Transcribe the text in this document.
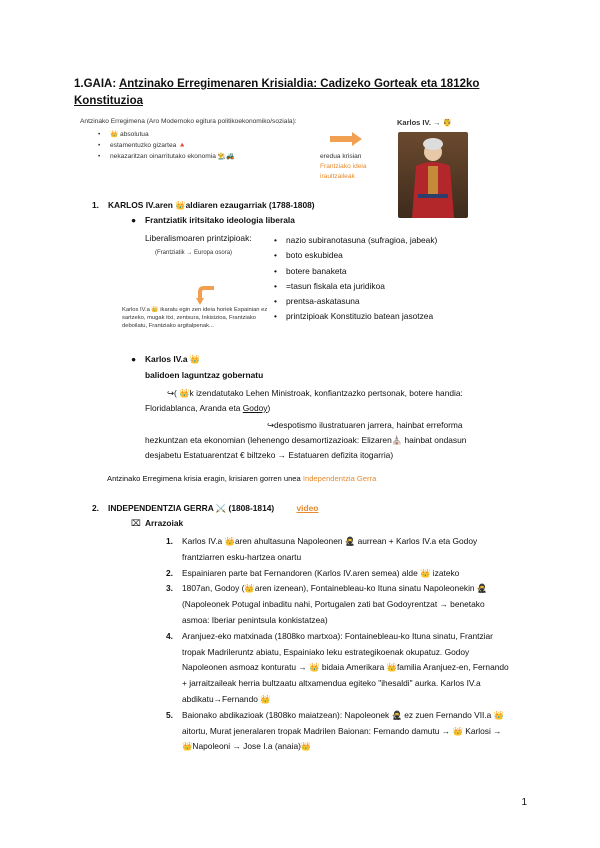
1.GAIA: Antzinako Erregimenaren Krisialdia: Cadizeko Gorteak eta 1812ko Konstituzioa
Antzinako Erregimena (Aro Modernoko egitura politikoekonomiko/soziala):
• 👑 absolutua
• estamentuzko gizartea 🔺
• nekazaritzan oinarritutako ekonomia 👨‍🌾🚜	eredua krisian
Frantziako ideia
iraultzaileak
Karlos IV. → 🤴
1. KARLOS IV.aren 👑aldiaren ezaugarriak (1788-1808)
● Frantziatik iritsitako ideologia liberala
Liberalismoaren printzipioak:
(Frantziatik → Europa osora)
• nazio subiranotasuna (sufragioa, jabeak)
• boto eskubidea
• botere banaketa
• =tasun fiskala eta juridikoa
• prentsa-askatasuna
• printzipioak Konstituzio batean jasotzea
Karlos IV.a 👑 ikaratu egin zen ideia horiek Espainian ez sartzeko, mugak itxi, zentsura, Inkisizioa, Frantziako deboilatu, Frantziako argitalpenak...
● Karlos IV.a 👑
balidoen laguntzaz gobernatu
↪( 👑k izendatutako Lehen Ministroak, konfiantzazko pertsonak, botere handia: Floridablanca, Aranda eta Godoy)
↪despotismo ilustratuaren jarrera, hainbat erreforma hezkuntzan eta ekonomian (lehenengo desamortizazioak: Elizaren⛪ hainbat ondasun desjabetu Estatuarentzat € biltzeko → Estatuaren defizita itogarria)
Antzinako Erregimena krisia eragin, krisiaren gorren unea Independentzia Gerra
2. INDEPENDENTZIA GERRA ⚔️ (1808-1814)	video
⌧ Arrazoiak
1. Karlos IV.a 👑aren ahultasuna Napoleonen 🥷 aurrean + Karlos IV.a eta Godoy frantziarren esku-hartzea onartu
2. Espainiaren parte bat Fernandoren (Karlos IV.aren semea) alde 👑 izateko
3. 1807an, Godoy (👑aren izenean), Fontainebleau-ko Ituna sinatu Napoleonekin 🥷 (Napoleonek Potugal inbaditu nahi, Portugalen zati bat Godoyrentzat → benetako asmoa: Iberiar penintsula konkistatzea)
4. Aranjuez-eko matxinada (1808ko martxoa): Fontainebleau-ko Ituna sinatu, Frantziar tropak Madrileruntz abiatu, Espainiako leku estrategikoenak okupatuz. Godoy Napoleonen asmoaz konturatu → 👑 bidaia Amerikara 👑familia Aranjuez-en, Fernando + jarraitzaileak herria bultzaatu altxamendua egiteko "ihesaldi" aurka. Karlos IV.a abdikatu→Fernando 👑
5. Baionako abdikazioak (1808ko maiatzean): Napoleonek 🥷 ez zuen Fernando VII.a 👑aitortu, Murat jeneralaren tropak Madrilen Baionan: Fernando damutu → 👑 Karlosi → 👑Napoleoni → Jose I.a (anaia)👑
1
